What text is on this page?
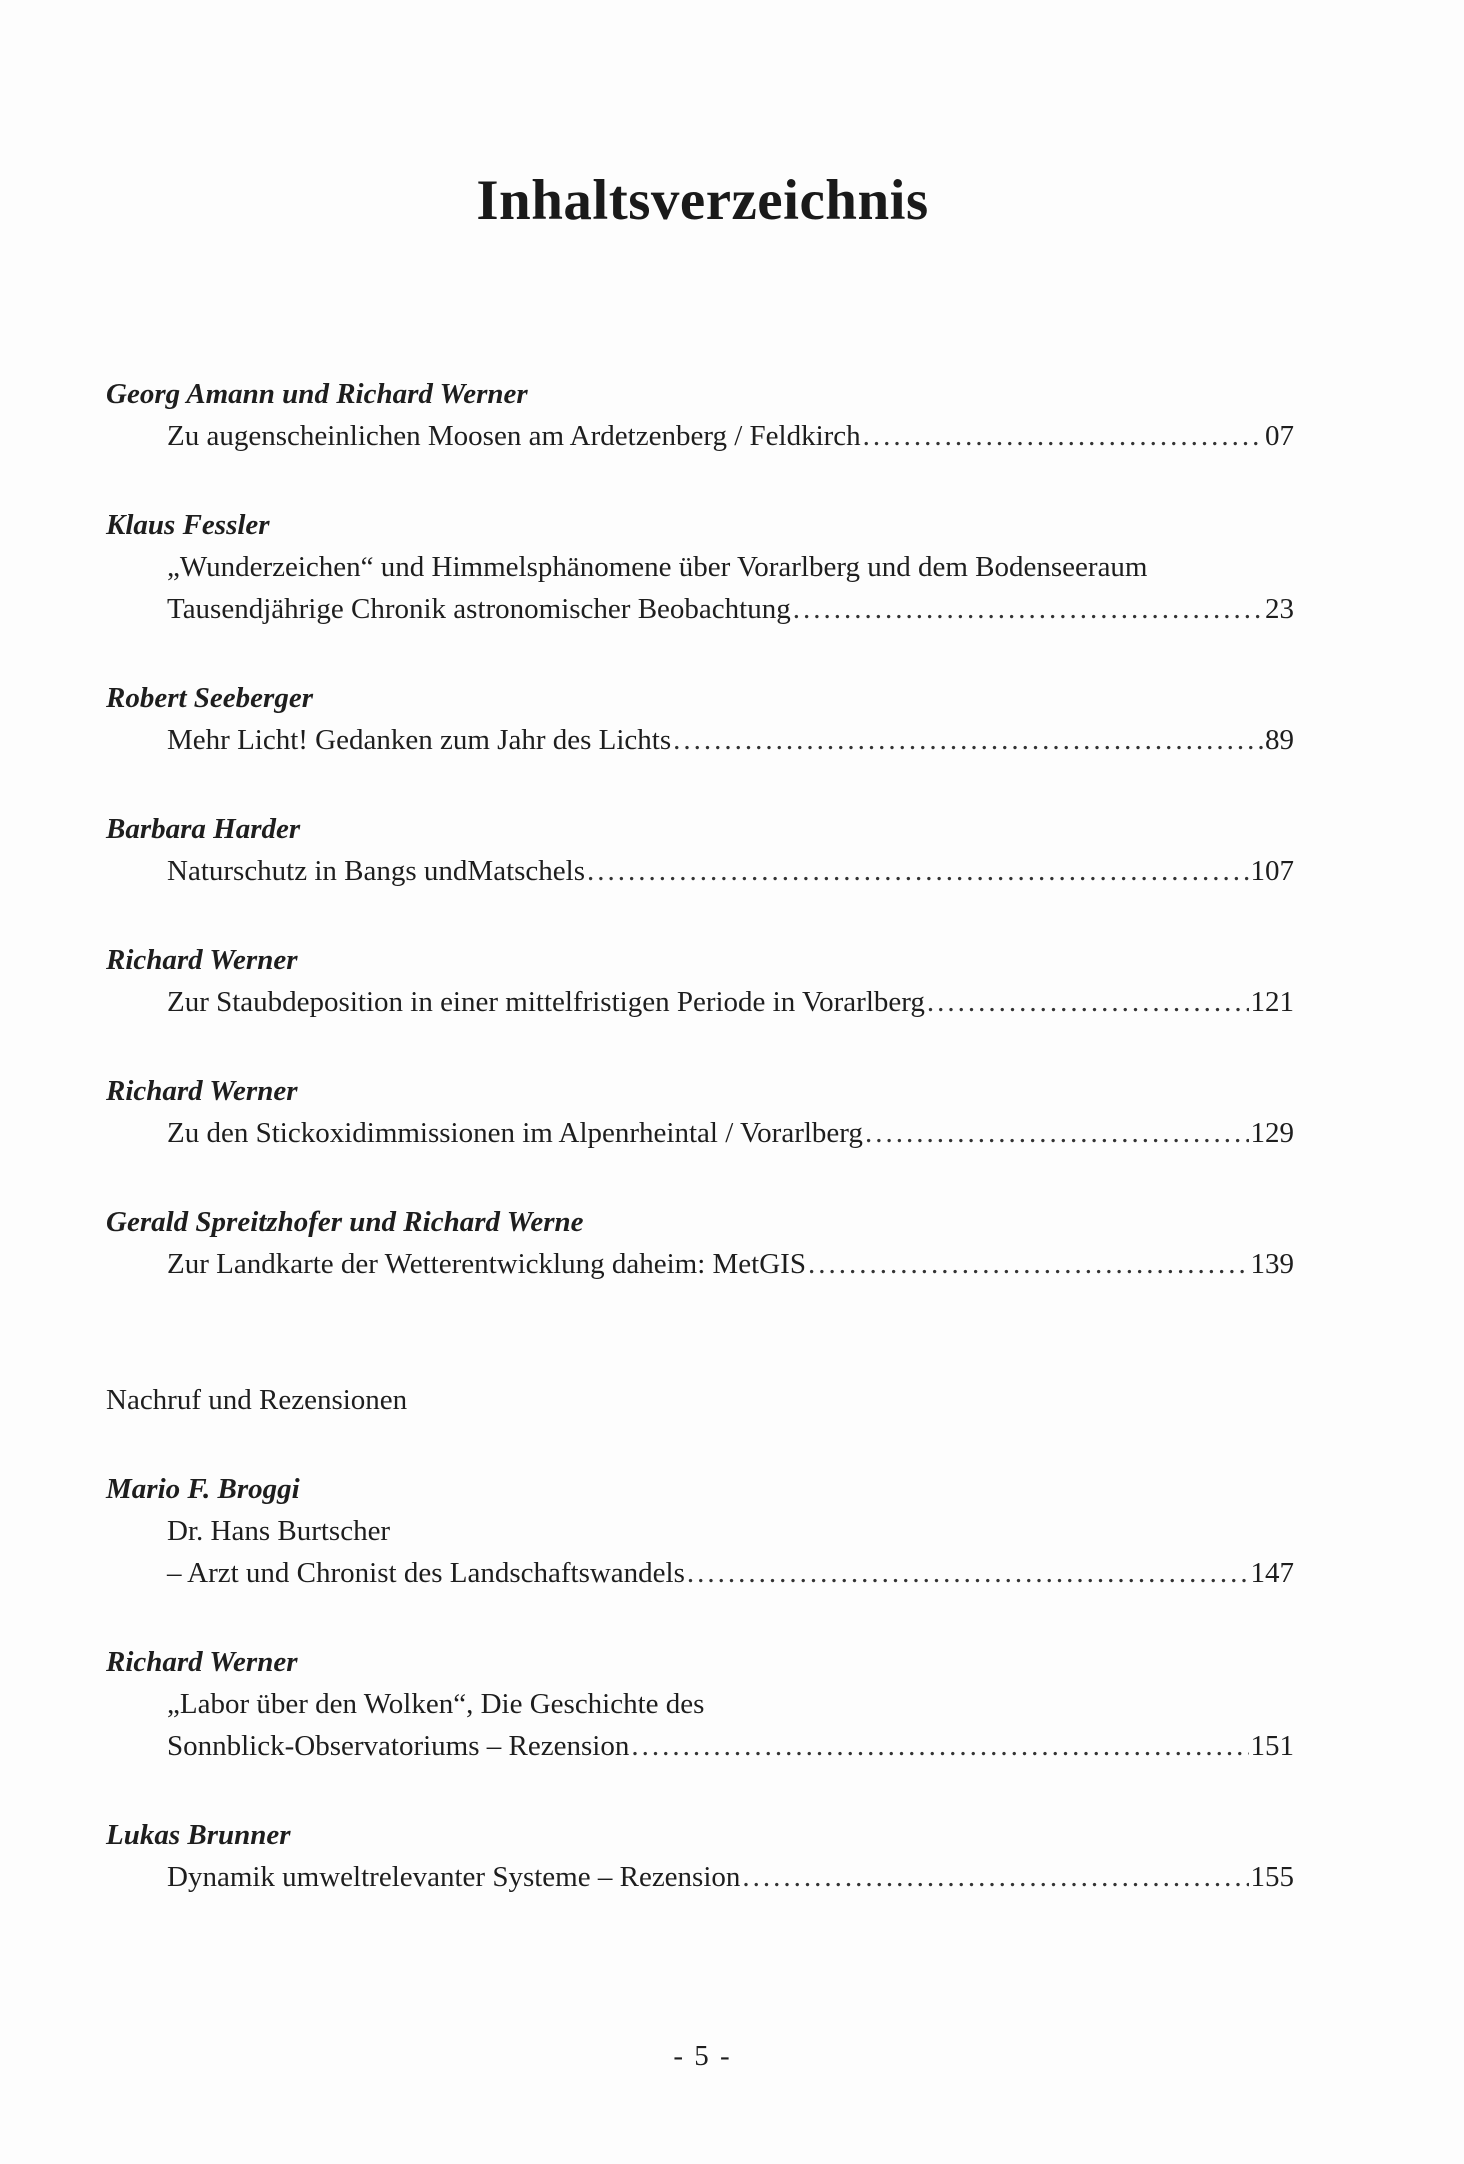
Inhaltsverzeichnis
Georg Amann und Richard Werner
Zu augenscheinlichen Moosen am Ardetzenberg / Feldkirch .....	07
Klaus Fessler
„Wunderzeichen“ und Himmelsphänomene über Vorarlberg und dem Bodenseeraum
Tausendjährige Chronik astronomischer Beobachtung .....	23
Robert Seeberger
Mehr Licht! Gedanken zum Jahr des Lichts .....	89
Barbara Harder
Naturschutz in Bangs undMatschels .....	107
Richard Werner
Zur Staubdeposition in einer mittelfristigen Periode in Vorarlberg .....	121
Richard Werner
Zu den Stickoxidimmissionen im Alpenrheintal / Vorarlberg .....	129
Gerald Spreitzhofer und Richard Werne
Zur Landkarte der Wetterentwicklung daheim: MetGIS .....	139
Nachruf und Rezensionen
Mario F. Broggi
Dr. Hans Burtscher
– Arzt und Chronist des Landschaftswandels .....	147
Richard Werner
„Labor über den Wolken“, Die Geschichte des
Sonnblick-Observatoriums – Rezension .....	151
Lukas Brunner
Dynamik umweltrelevanter Systeme – Rezension .....	155
- 5 -
